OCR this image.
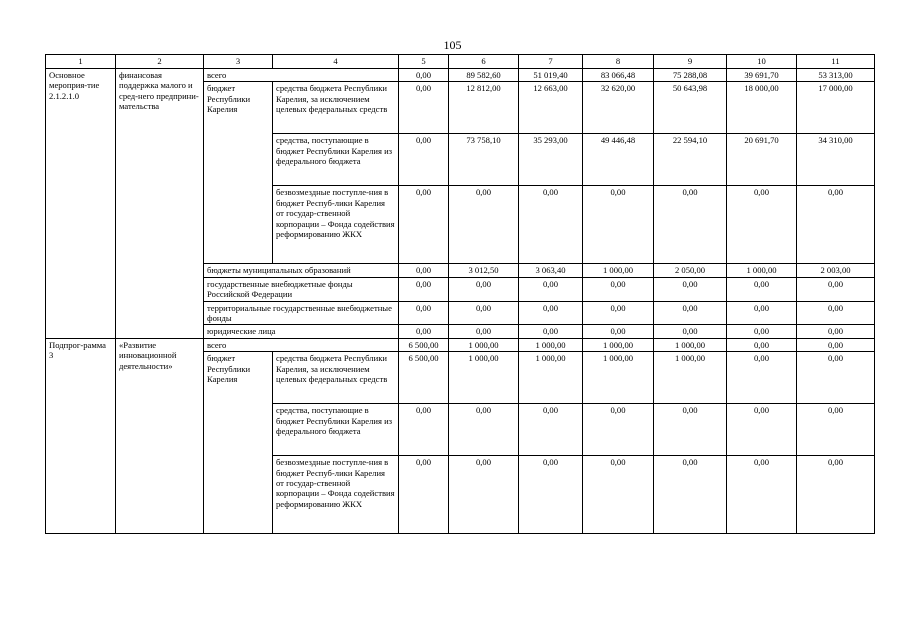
105
1	2	3	4	5	6	7	8	9	10	11
Основное мероприя-тие 2.1.2.1.0	финансовая поддержка малого и сред-него предприни-мательства	всего		0,00	89 582,60	51 019,40	83 066,48	75 288,08	39 691,70	53 313,00
		бюджет Республики Карелия	средства бюджета Республики Карелия, за исключением целевых федеральных средств	0,00	12 812,00	12 663,00	32 620,00	50 643,98	18 000,00	17 000,00
			средства, поступающие в бюджет Республики Карелия из федерального бюджета	0,00	73 758,10	35 293,00	49 446,48	22 594,10	20 691,70	34 310,00
			безвозмездные поступле-ния в бюджет Респуб-лики Карелия от государ-ственной корпорации – Фонда содействия реформированию ЖКХ	0,00	0,00	0,00	0,00	0,00	0,00	0,00
		бюджеты муниципальных образований		0,00	3 012,50	3 063,40	1 000,00	2 050,00	1 000,00	2 003,00
		государственные внебюджетные фонды Российской Федерации		0,00	0,00	0,00	0,00	0,00	0,00	0,00
		территориальные государственные внебюджетные фонды		0,00	0,00	0,00	0,00	0,00	0,00	0,00
		юридические лица		0,00	0,00	0,00	0,00	0,00	0,00	0,00
Подпрог-рамма 3	«Развитие инновационной деятельности»	всего		6 500,00	1 000,00	1 000,00	1 000,00	1 000,00	0,00	0,00
		бюджет Республики Карелия	средства бюджета Республики Карелия, за исключением целевых федеральных средств	6 500,00	1 000,00	1 000,00	1 000,00	1 000,00	0,00	0,00
			средства, поступающие в бюджет Республики Карелия из федерального бюджета	0,00	0,00	0,00	0,00	0,00	0,00	0,00
			безвозмездные поступле-ния в бюджет Респуб-лики Карелия от государ-ственной корпорации – Фонда содействия реформированию ЖКХ	0,00	0,00	0,00	0,00	0,00	0,00	0,00
